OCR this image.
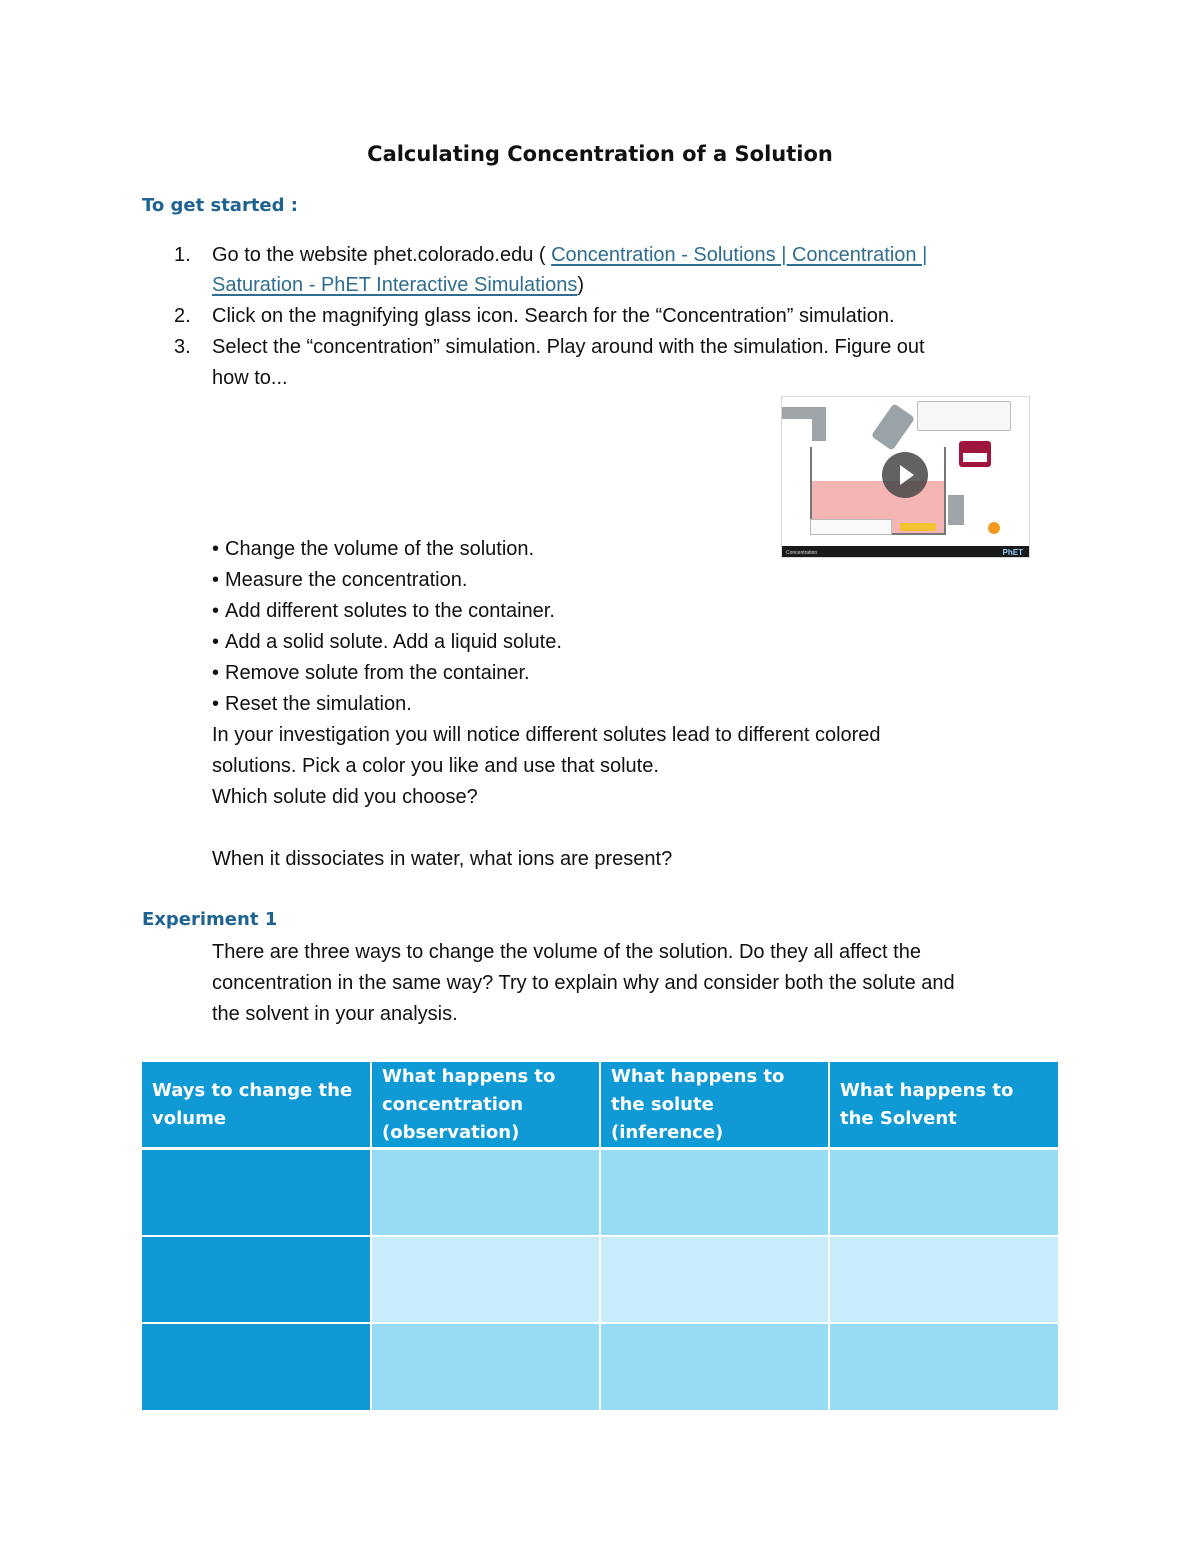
Calculating Concentration of a Solution
To get started :
1. Go to the website phet.colorado.edu ( Concentration - Solutions | Concentration |
Saturation - PhET Interactive Simulations)
2. Click on the magnifying glass icon. Search for the “Concentration” simulation.
3. Select the “concentration” simulation. Play around with the simulation. Figure out
how to...
Concentration	PhET
• Change the volume of the solution.
• Measure the concentration.
• Add different solutes to the container.
• Add a solid solute. Add a liquid solute.
• Remove solute from the container.
• Reset the simulation.
In your investigation you will notice different solutes lead to different colored
solutions. Pick a color you like and use that solute.
Which solute did you choose?
When it dissociates in water, what ions are present?
Experiment 1
There are three ways to change the volume of the solution. Do they all affect the
concentration in the same way? Try to explain why and consider both the solute and
the solvent in your analysis.
Ways to change the
volume
What happens to
concentration
(observation)
What happens to
the solute
(inference)
What happens to
the Solvent
